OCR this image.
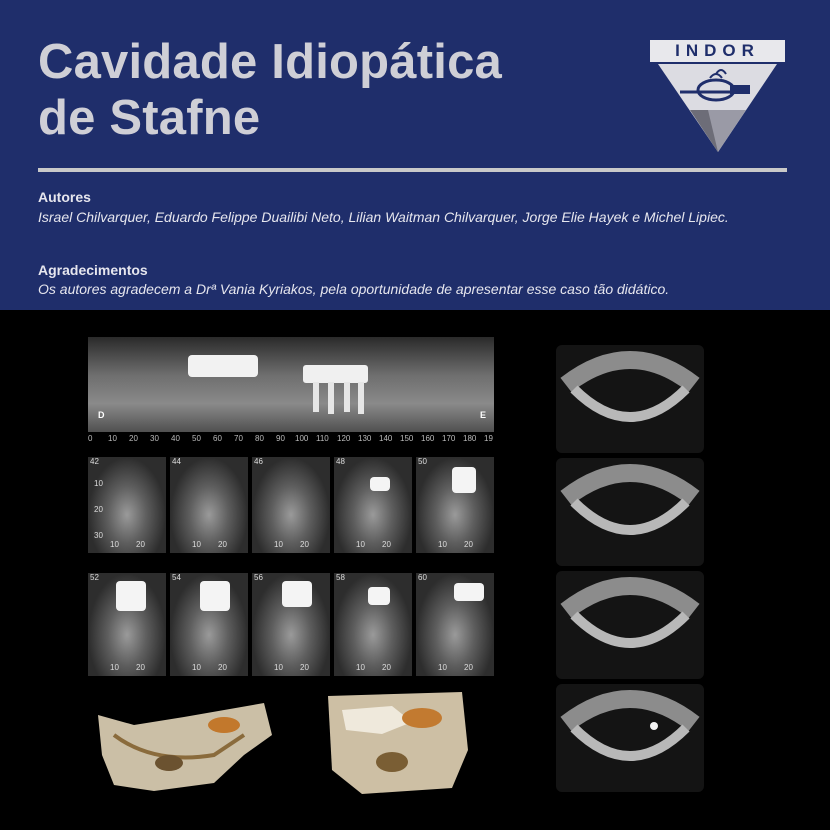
Cavidade Idiopática
de Stafne
INDOR
Autores
Israel Chilvarquer, Eduardo Felippe Duailibi Neto, Lilian Waitman Chilvarquer, Jorge Elie Hayek e Michel Lipiec.
Agradecimentos
Os autores agradecem a Drª Vania Kyriakos, pela oportunidade de apresentar esse caso tão didático.
D	E
0 10 20 30 40 50 60 70 80 90 100 110 120 130 140 150 160 170 180 19
42
10
20
30
10 20
44
10 20
46
10 20
48
10 20
50
10 20
52
10 20
54
10 20
56
10 20
58
10 20
60
10 20
